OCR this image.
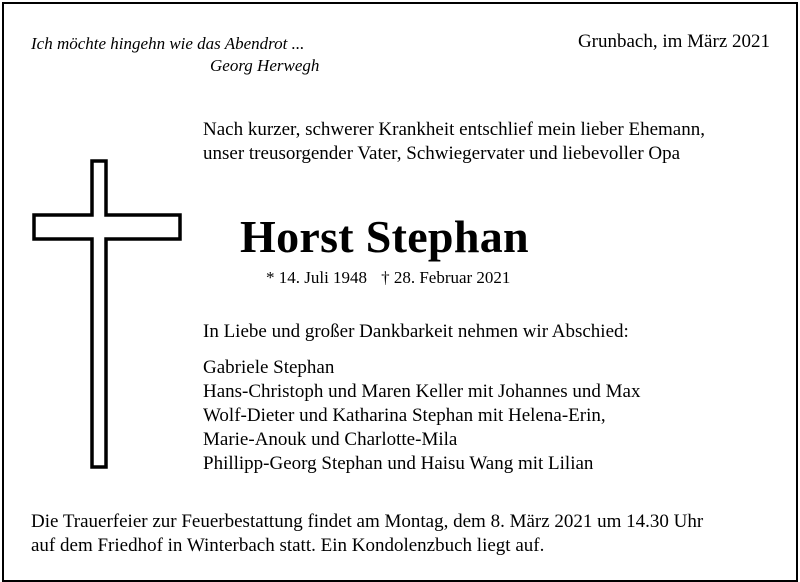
Ich möchte hingehn wie das Abendrot ...
Georg Herwegh
Grunbach, im März 2021
Nach kurzer, schwerer Krankheit entschlief mein lieber Ehemann,
unser treusorgender Vater, Schwiegervater und liebevoller Opa
Horst Stephan
* 14. Juli 1948 † 28. Februar 2021
In Liebe und großer Dankbarkeit nehmen wir Abschied:
Gabriele Stephan
Hans-Christoph und Maren Keller mit Johannes und Max
Wolf-Dieter und Katharina Stephan mit Helena-Erin,
Marie-Anouk und Charlotte-Mila
Phillipp-Georg Stephan und Haisu Wang mit Lilian
Die Trauerfeier zur Feuerbestattung findet am Montag, dem 8. März 2021 um 14.30 Uhr
auf dem Friedhof in Winterbach statt. Ein Kondolenzbuch liegt auf.
